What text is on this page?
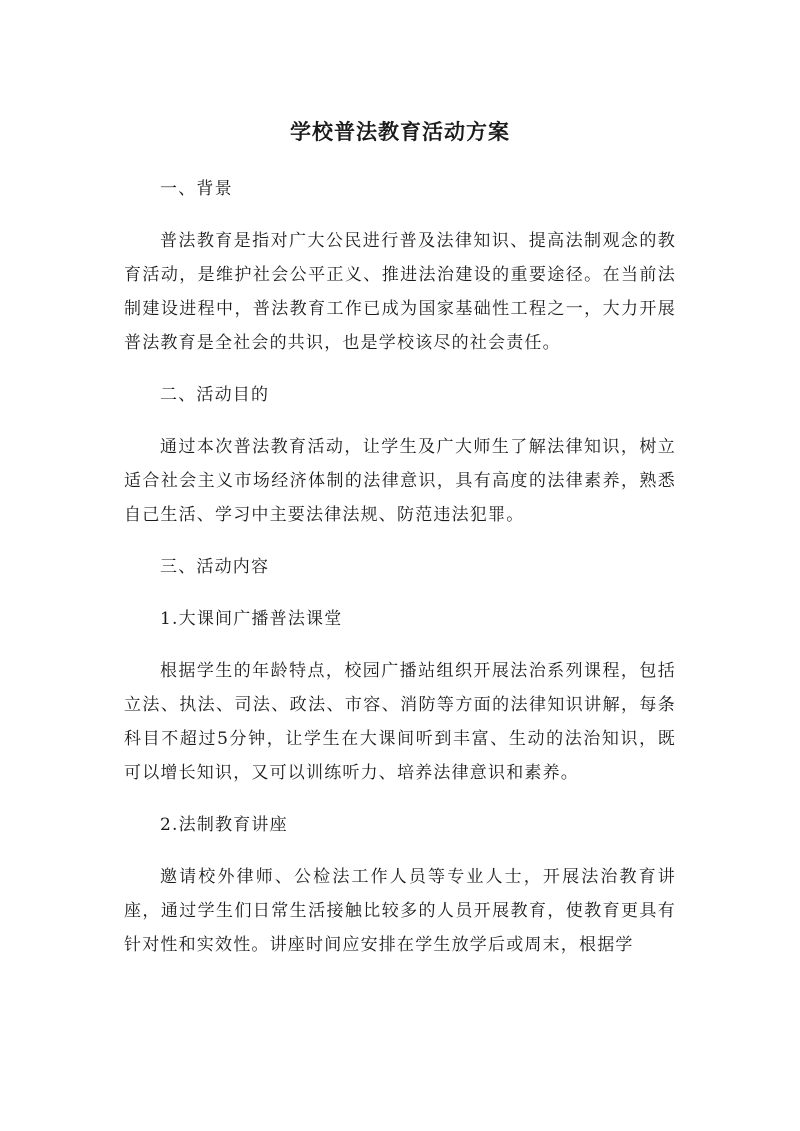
学校普法教育活动方案
一、背景
普法教育是指对广大公民进行普及法律知识、提高法制观念的教育活动，是维护社会公平正义、推进法治建设的重要途径。在当前法制建设进程中，普法教育工作已成为国家基础性工程之一，大力开展普法教育是全社会的共识，也是学校该尽的社会责任。
二、活动目的
通过本次普法教育活动，让学生及广大师生了解法律知识，树立适合社会主义市场经济体制的法律意识，具有高度的法律素养，熟悉自己生活、学习中主要法律法规、防范违法犯罪。
三、活动内容
1.大课间广播普法课堂
根据学生的年龄特点，校园广播站组织开展法治系列课程，包括立法、执法、司法、政法、市容、消防等方面的法律知识讲解，每条科目不超过5分钟，让学生在大课间听到丰富、生动的法治知识，既可以增长知识，又可以训练听力、培养法律意识和素养。
2.法制教育讲座
邀请校外律师、公检法工作人员等专业人士，开展法治教育讲座，通过学生们日常生活接触比较多的人员开展教育，使教育更具有针对性和实效性。讲座时间应安排在学生放学后或周末，根据学
